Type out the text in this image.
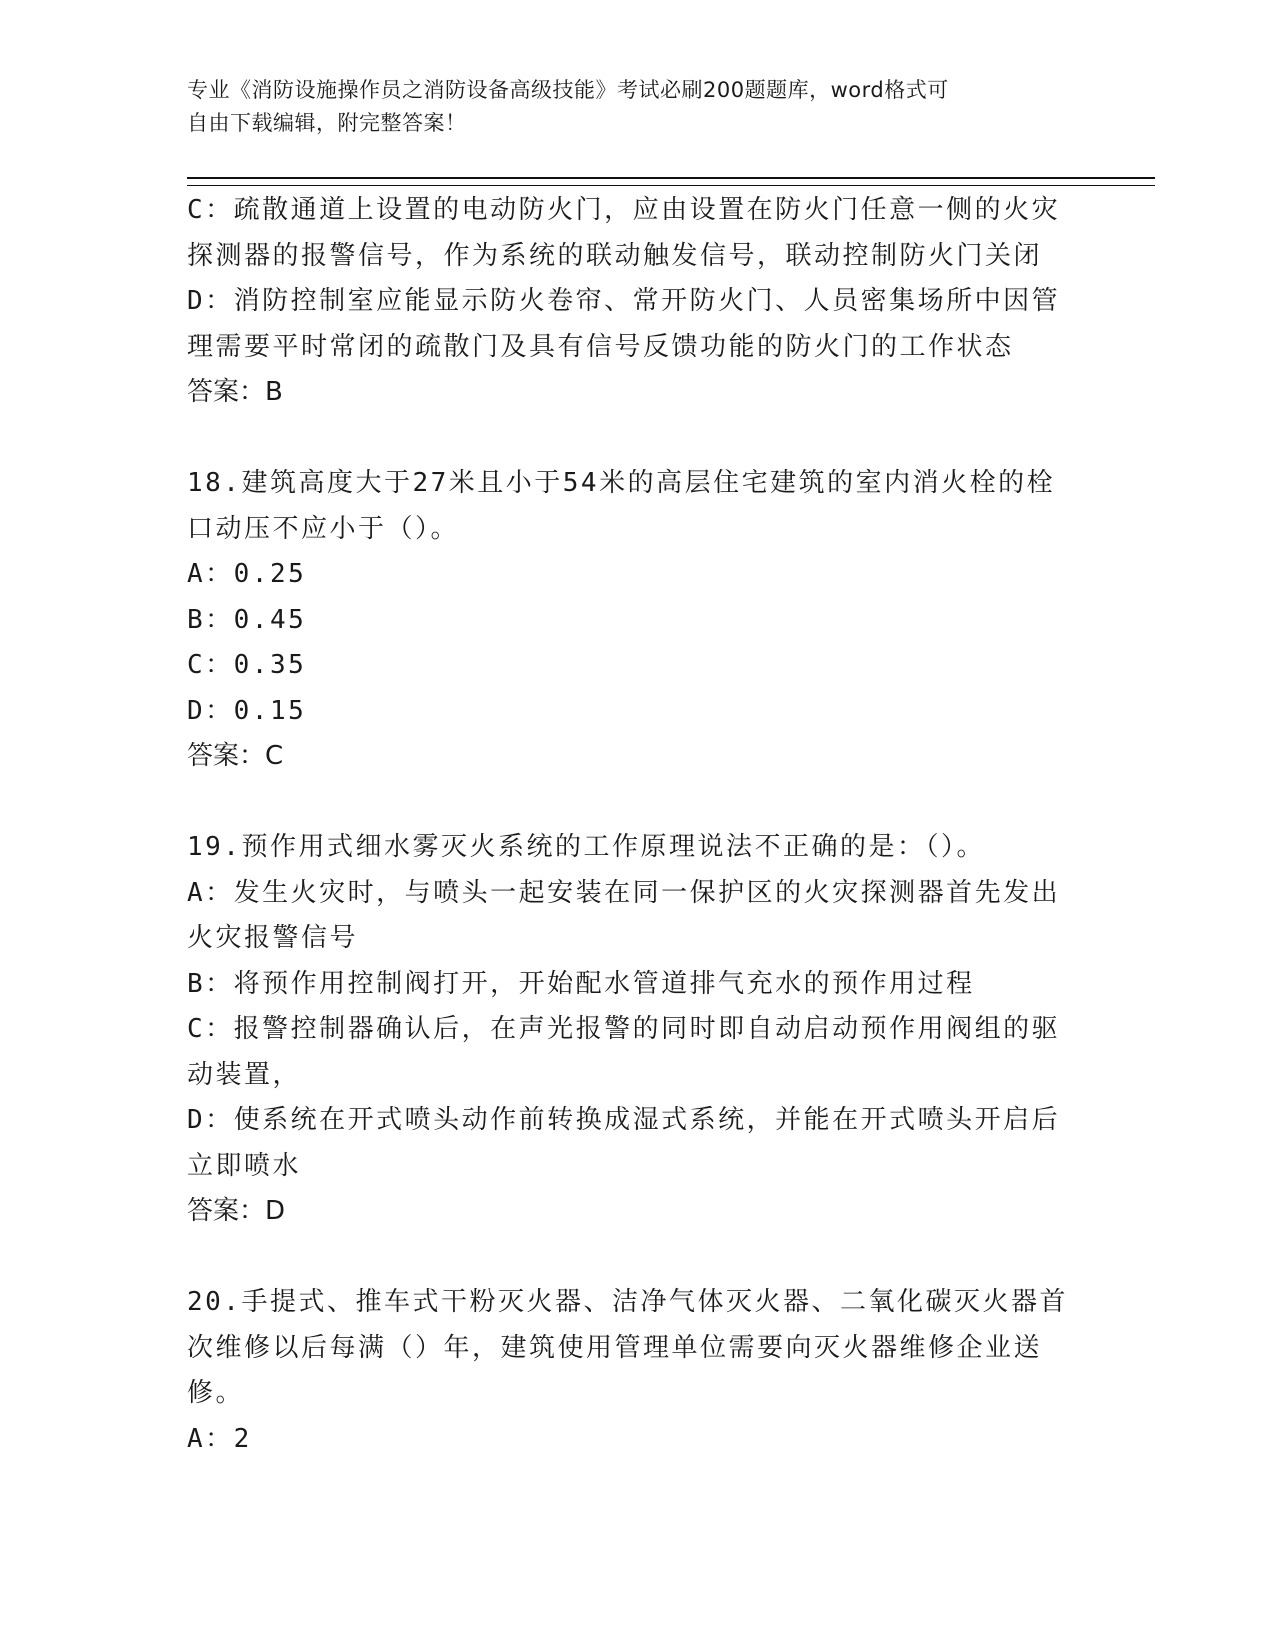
专业《消防设施操作员之消防设备高级技能》考试必刷200题题库，word格式可
自由下载编辑，附完整答案！
C：疏散通道上设置的电动防火门，应由设置在防火门任意一侧的火灾
探测器的报警信号，作为系统的联动触发信号，联动控制防火门关闭
D：消防控制室应能显示防火卷帘、常开防火门、人员密集场所中因管
理需要平时常闭的疏散门及具有信号反馈功能的防火门的工作状态
答案：B
18.建筑高度大于27米且小于54米的高层住宅建筑的室内消火栓的栓
口动压不应小于（）。
A：0.25
B：0.45
C：0.35
D：0.15
答案：C
19.预作用式细水雾灭火系统的工作原理说法不正确的是：（）。
A：发生火灾时，与喷头一起安装在同一保护区的火灾探测器首先发出
火灾报警信号
B：将预作用控制阀打开，开始配水管道排气充水的预作用过程
C：报警控制器确认后，在声光报警的同时即自动启动预作用阀组的驱
动装置，
D：使系统在开式喷头动作前转换成湿式系统，并能在开式喷头开启后
立即喷水
答案：D
20.手提式、推车式干粉灭火器、洁净气体灭火器、二氧化碳灭火器首
次维修以后每满（）年，建筑使用管理单位需要向灭火器维修企业送
修。
A：2
